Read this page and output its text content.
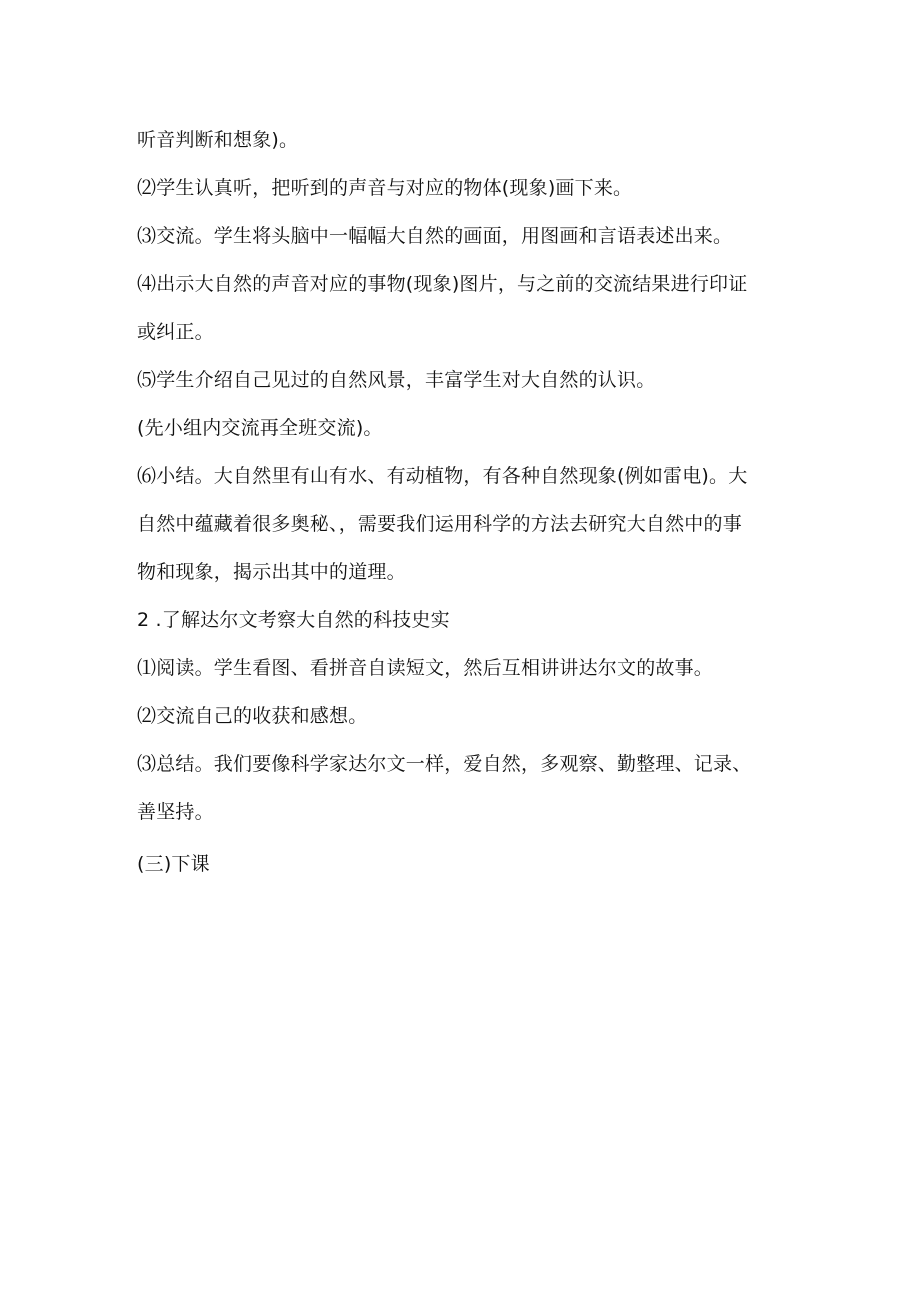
听音判断和想象)。

⑵学生认真听，把听到的声音与对应的物体(现象)画下来。

⑶交流。学生将头脑中一幅幅大自然的画面，用图画和言语表述出来。

⑷出示大自然的声音对应的事物(现象)图片，与之前的交流结果进行印证

或纠正。

⑸学生介绍自己见过的自然风景，丰富学生对大自然的认识。

(先小组内交流再全班交流)。

⑹小结。大自然里有山有水、有动植物，有各种自然现象(例如雷电)。大

自然中蕴藏着很多奥秘、，需要我们运用科学的方法去研究大自然中的事

物和现象，揭示出其中的道理。

2 .了解达尔文考察大自然的科技史实

⑴阅读。学生看图、看拼音自读短文，然后互相讲讲达尔文的故事。

⑵交流自己的收获和感想。

⑶总结。我们要像科学家达尔文一样，爱自然，多观察、勤整理、记录、

善坚持。

(三)下课
